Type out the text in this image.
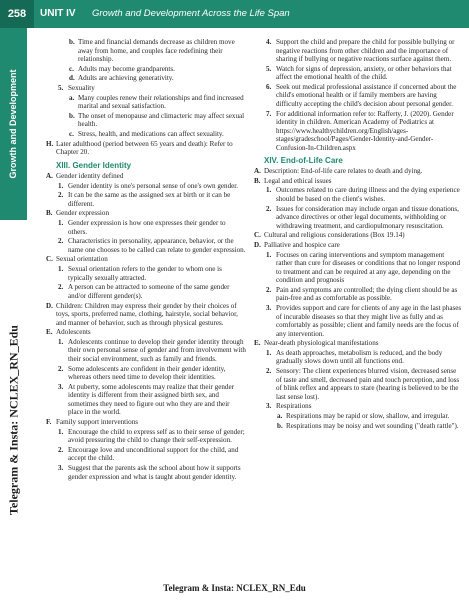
258	UNIT IV Growth and Development Across the Life Span
Growth and Development
Telegram & Insta: NCLEX_RN_Edu
b. Time and financial demands decrease as children move away from home, and couples face redefining their relationship.
c. Adults may become grandparents.
d. Adults are achieving generativity.
5. Sexuality
a. Many couples renew their relationships and find increased marital and sexual satisfaction.
b. The onset of menopause and climacteric may affect sexual health.
c. Stress, health, and medications can affect sexuality.
H. Later adulthood (period between 65 years and death): Refer to Chapter 20.
XIII. Gender Identity
A. Gender identity defined
1. Gender identity is one's personal sense of one's own gender.
2. It can be the same as the assigned sex at birth or it can be different.
B. Gender expression
1. Gender expression is how one expresses their gender to others.
2. Characteristics in personality, appearance, behavior, or the name one chooses to be called can relate to gender expression.
C. Sexual orientation
1. Sexual orientation refers to the gender to whom one is typically sexually attracted.
2. A person can be attracted to someone of the same gender and/or different gender(s).
D. Children: Children may express their gender by their choices of toys, sports, preferred name, clothing, hairstyle, social behavior, and manner of behavior, such as through physical gestures.
E. Adolescents
1. Adolescents continue to develop their gender identity through their own personal sense of gender and from involvement with their social environment, such as family and friends.
2. Some adolescents are confident in their gender identity, whereas others need time to develop their identities.
3. At puberty, some adolescents may realize that their gender identity is different from their assigned birth sex, and sometimes they need to figure out who they are and their place in the world.
F. Family support interventions
1. Encourage the child to express self as to their sense of gender; avoid pressuring the child to change their self-expression.
2. Encourage love and unconditional support for the child, and accept the child.
3. Suggest that the parents ask the school about how it supports gender expression and what is taught about gender identity.
4. Support the child and prepare the child for possible bullying or negative reactions from other children and the importance of sharing if bullying or negative reactions surface against them.
5. Watch for signs of depression, anxiety, or other behaviors that affect the emotional health of the child.
6. Seek out medical professional assistance if concerned about the child's emotional health or if family members are having difficulty accepting the child's decision about personal gender.
7. For additional information refer to: Rafferty, J. (2020). Gender identity in children. American Academy of Pediatrics at https://www.healthychildren.org/English/ages-stages/gradeschool/Pages/Gender-Identity-and-Gender-Confusion-In-Children.aspx
XIV. End-of-Life Care
A. Description: End-of-life care relates to death and dying.
B. Legal and ethical issues
1. Outcomes related to care during illness and the dying experience should be based on the client's wishes.
2. Issues for consideration may include organ and tissue donations, advance directives or other legal documents, withholding or withdrawing treatment, and cardiopulmonary resuscitation.
C. Cultural and religious considerations (Box 19.14)
D. Palliative and hospice care
1. Focuses on caring interventions and symptom management rather than cure for diseases or conditions that no longer respond to treatment and can be required at any age, depending on the condition and prognosis
2. Pain and symptoms are controlled; the dying client should be as pain-free and as comfortable as possible.
3. Provides support and care for clients of any age in the last phases of incurable diseases so that they might live as fully and as comfortably as possible; client and family needs are the focus of any intervention.
E. Near-death physiological manifestations
1. As death approaches, metabolism is reduced, and the body gradually slows down until all functions end.
2. Sensory: The client experiences blurred vision, decreased sense of taste and smell, decreased pain and touch perception, and loss of blink reflex and appears to stare (hearing is believed to be the last sense lost).
3. Respirations
a. Respirations may be rapid or slow, shallow, and irregular.
b. Respirations may be noisy and wet sounding ("death rattle").
Telegram & Insta: NCLEX_RN_Edu
